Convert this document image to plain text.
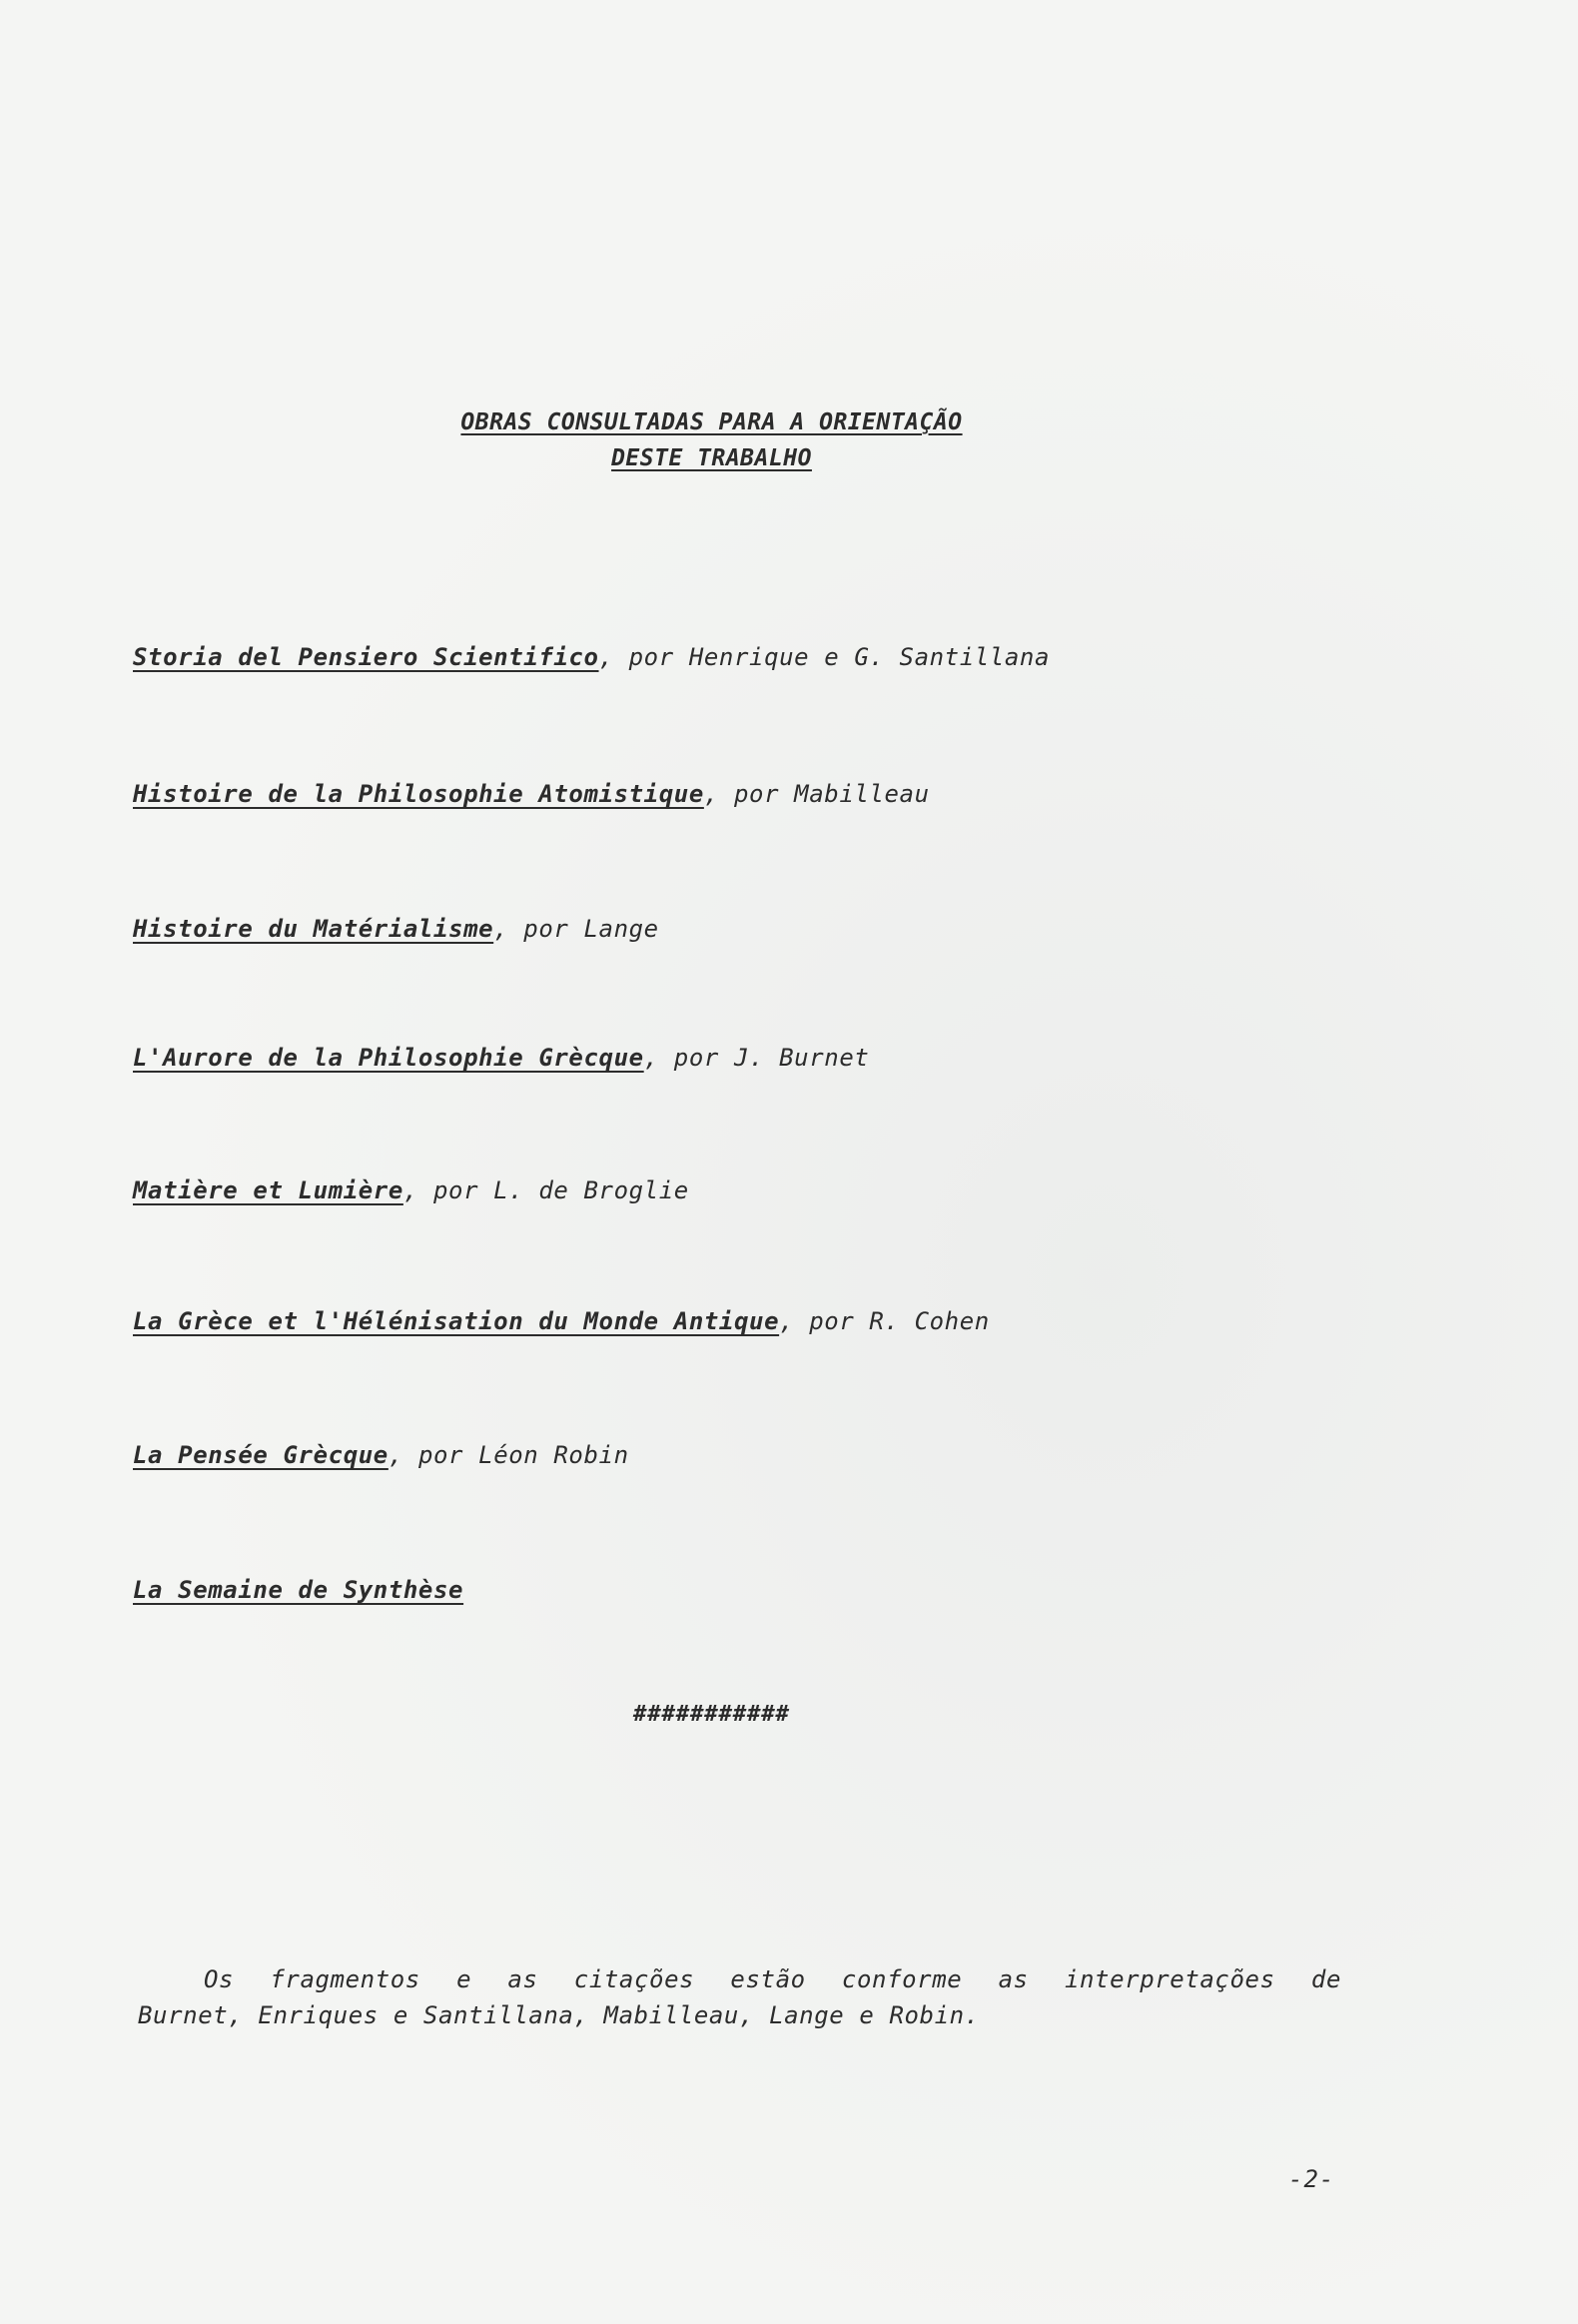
OBRAS CONSULTADAS PARA A ORIENTAÇÃO
DESTE TRABALHO
Storia del Pensiero Scientifico, por Henrique e G. Santillana
Histoire de la Philosophie Atomistique, por Mabilleau
Histoire du Matérialisme, por Lange
L'Aurore de la Philosophie Grècque, por J. Burnet
Matière et Lumière, por L. de Broglie
La Grèce et l'Hélénisation du Monde Antique, por R. Cohen
La Pensée Grècque, por Léon Robin
La Semaine de Synthèse
###########
Os fragmentos e as citações estão conforme as interpretações de
Burnet, Enriques e Santillana, Mabilleau, Lange e Robin.
-2-
